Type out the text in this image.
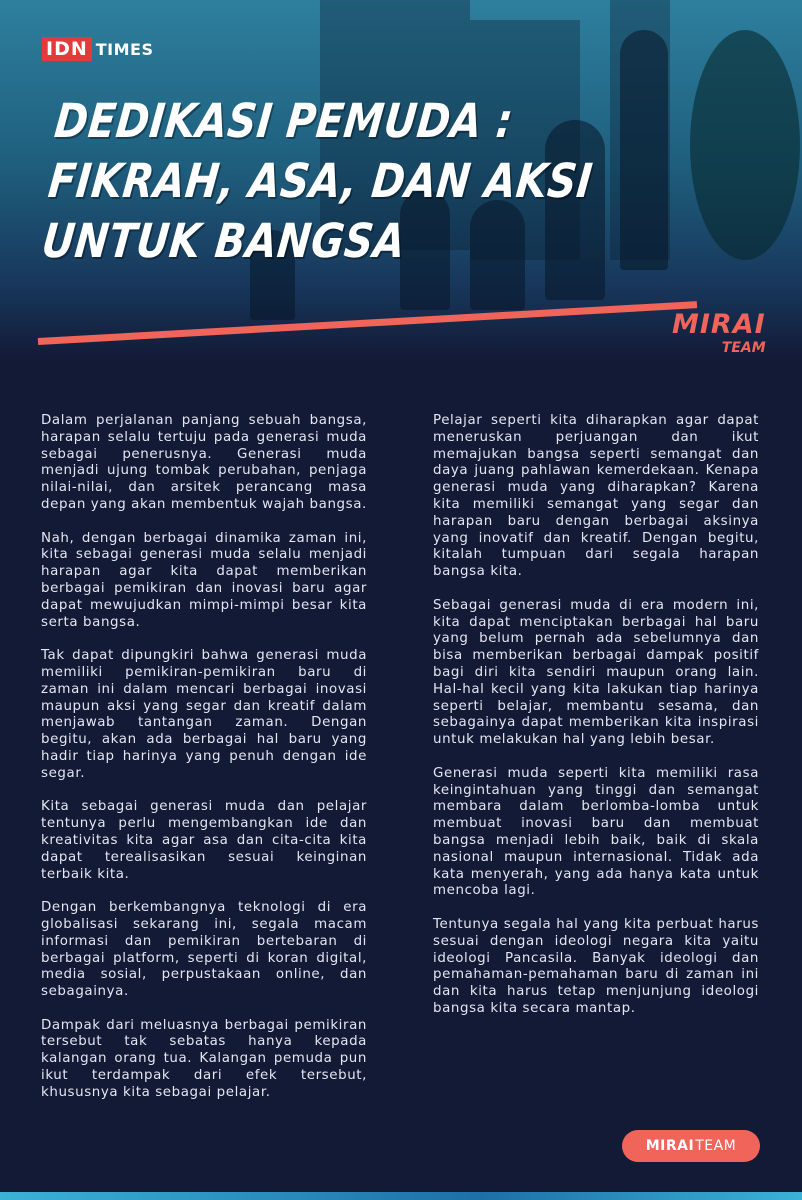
IDN TIMES
DEDIKASI PEMUDA :
FIKRAH, ASA, DAN AKSI
UNTUK BANGSA
MIRAI
TEAM

Dalam perjalanan panjang sebuah bangsa, harapan selalu tertuju pada generasi muda sebagai penerusnya. Generasi muda menjadi ujung tombak perubahan, penjaga nilai-nilai, dan arsitek perancang masa depan yang akan membentuk wajah bangsa.

Nah, dengan berbagai dinamika zaman ini, kita sebagai generasi muda selalu menjadi harapan agar kita dapat memberikan berbagai pemikiran dan inovasi baru agar dapat mewujudkan mimpi-mimpi besar kita serta bangsa.

Tak dapat dipungkiri bahwa generasi muda memiliki pemikiran-pemikiran baru di zaman ini dalam mencari berbagai inovasi maupun aksi yang segar dan kreatif dalam menjawab tantangan zaman. Dengan begitu, akan ada berbagai hal baru yang hadir tiap harinya yang penuh dengan ide segar.

Kita sebagai generasi muda dan pelajar tentunya perlu mengembangkan ide dan kreativitas kita agar asa dan cita-cita kita dapat terealisasikan sesuai keinginan terbaik kita.

Dengan berkembangnya teknologi di era globalisasi sekarang ini, segala macam informasi dan pemikiran bertebaran di berbagai platform, seperti di koran digital, media sosial, perpustakaan online, dan sebagainya.

Dampak dari meluasnya berbagai pemikiran tersebut tak sebatas hanya kepada kalangan orang tua. Kalangan pemuda pun ikut terdampak dari efek tersebut, khususnya kita sebagai pelajar.

Pelajar seperti kita diharapkan agar dapat meneruskan perjuangan dan ikut memajukan bangsa seperti semangat dan daya juang pahlawan kemerdekaan. Kenapa generasi muda yang diharapkan? Karena kita memiliki semangat yang segar dan harapan baru dengan berbagai aksinya yang inovatif dan kreatif. Dengan begitu, kitalah tumpuan dari segala harapan bangsa kita.

Sebagai generasi muda di era modern ini, kita dapat menciptakan berbagai hal baru yang belum pernah ada sebelumnya dan bisa memberikan berbagai dampak positif bagi diri kita sendiri maupun orang lain. Hal-hal kecil yang kita lakukan tiap harinya seperti belajar, membantu sesama, dan sebagainya dapat memberikan kita inspirasi untuk melakukan hal yang lebih besar.

Generasi muda seperti kita memiliki rasa keingintahuan yang tinggi dan semangat membara dalam berlomba-lomba untuk membuat inovasi baru dan membuat bangsa menjadi lebih baik, baik di skala nasional maupun internasional. Tidak ada kata menyerah, yang ada hanya kata untuk mencoba lagi.

Tentunya segala hal yang kita perbuat harus sesuai dengan ideologi negara kita yaitu ideologi Pancasila. Banyak ideologi dan pemahaman-pemahaman baru di zaman ini dan kita harus tetap menjunjung ideologi bangsa kita secara mantap.

MIRAI TEAM
